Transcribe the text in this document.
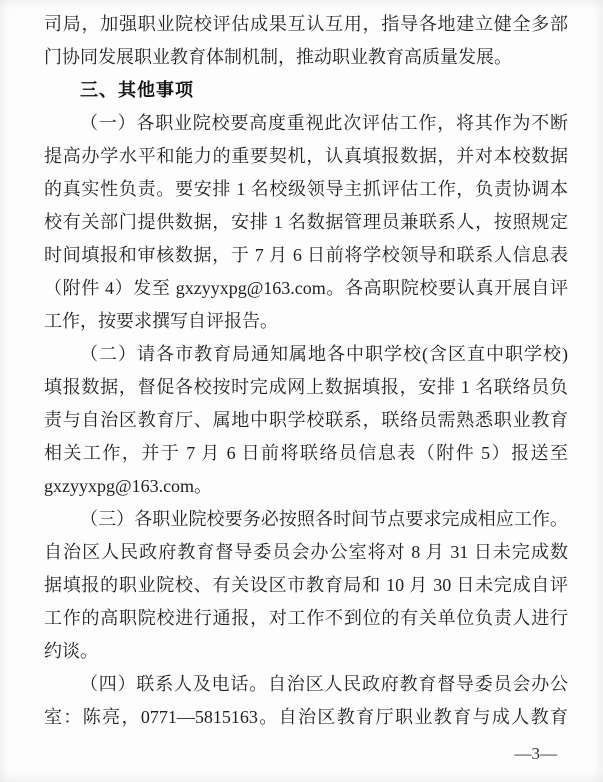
司局，加强职业院校评估成果互认互用，指导各地建立健全多部
门协同发展职业教育体制机制，推动职业教育高质量发展。
三、其他事项
（一）各职业院校要高度重视此次评估工作，将其作为不断
提高办学水平和能力的重要契机，认真填报数据，并对本校数据
的真实性负责。要安排 1 名校级领导主抓评估工作，负责协调本
校有关部门提供数据，安排 1 名数据管理员兼联系人，按照规定
时间填报和审核数据，于 7 月 6 日前将学校领导和联系人信息表
（附件 4）发至 gxzyyxpg@163.com。各高职院校要认真开展自评
工作，按要求撰写自评报告。
（二）请各市教育局通知属地各中职学校(含区直中职学校)
填报数据，督促各校按时完成网上数据填报，安排 1 名联络员负
责与自治区教育厅、属地中职学校联系，联络员需熟悉职业教育
相关工作，并于 7 月 6 日前将联络员信息表（附件 5）报送至
gxzyyxpg@163.com。
（三）各职业院校要务必按照各时间节点要求完成相应工作。
自治区人民政府教育督导委员会办公室将对 8 月 31 日未完成数
据填报的职业院校、有关设区市教育局和 10 月 30 日未完成自评
工作的高职院校进行通报，对工作不到位的有关单位负责人进行
约谈。
（四）联系人及电话。自治区人民政府教育督导委员会办公
室：陈亮，0771—5815163。自治区教育厅职业教育与成人教育
—3—
